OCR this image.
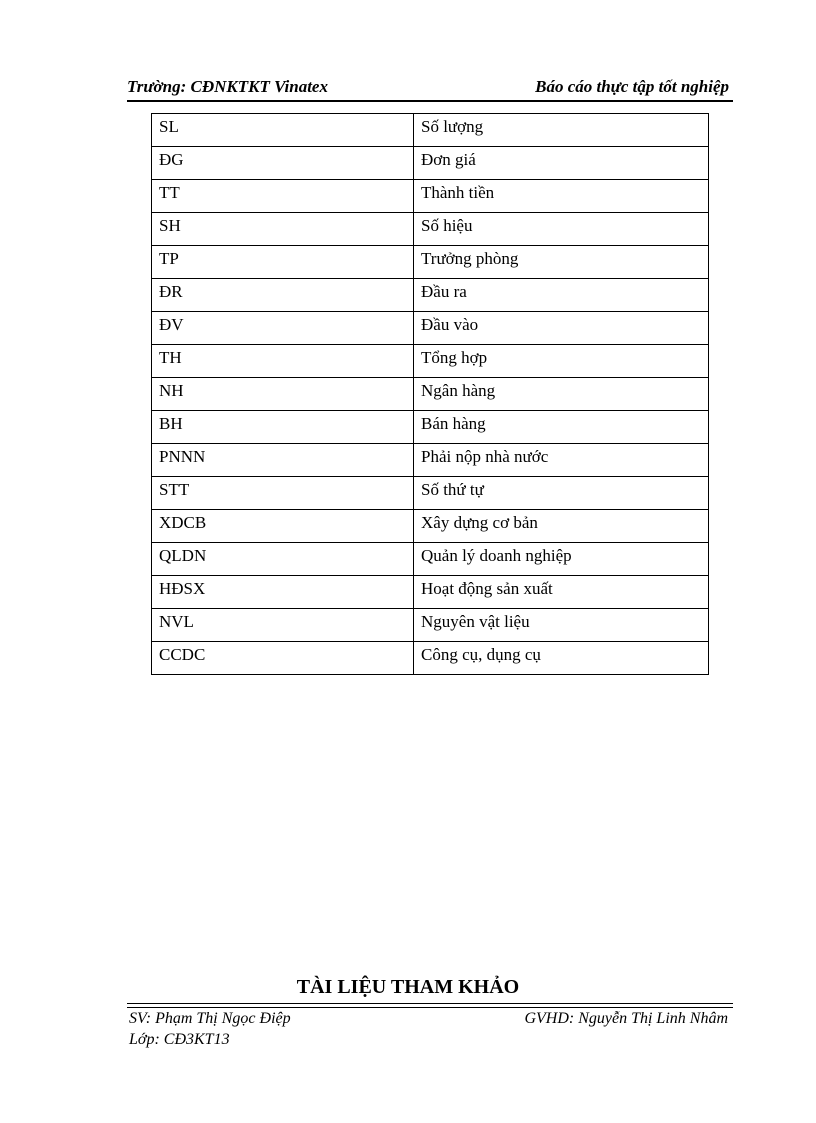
Trường: CĐNKTKT Vinatex	Báo cáo thực tập tốt nghiệp
SL	Số lượng
ĐG	Đơn giá
TT	Thành tiền
SH	Số hiệu
TP	Trưởng phòng
ĐR	Đầu ra
ĐV	Đầu vào
TH	Tổng hợp
NH	Ngân hàng
BH	Bán hàng
PNNN	Phải nộp nhà nước
STT	Số thứ tự
XDCB	Xây dựng cơ bản
QLDN	Quản lý doanh nghiệp
HĐSX	Hoạt động sản xuất
NVL	Nguyên vật liệu
CCDC	Công cụ, dụng cụ
TÀI LIỆU THAM KHẢO
SV: Phạm Thị Ngọc Điệp	GVHD: Nguyễn Thị Linh Nhâm
Lớp: CĐ3KT13
